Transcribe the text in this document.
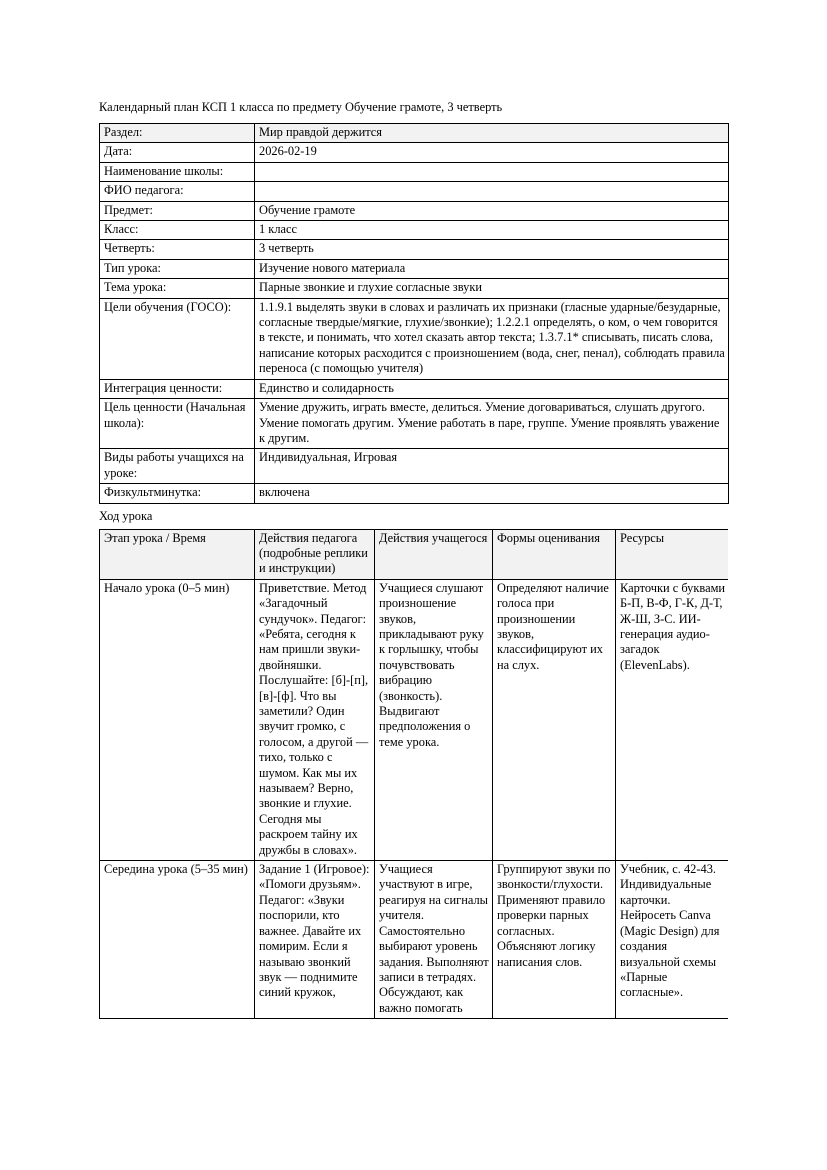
Календарный план КСП 1 класса по предмету Обучение грамоте, 3 четверть

Раздел:	Мир правдой держится
Дата:	2026-02-19
Наименование школы:	
ФИО педагога:	
Предмет:	Обучение грамоте
Класс:	1 класс
Четверть:	3 четверть
Тип урока:	Изучение нового материала
Тема урока:	Парные звонкие и глухие согласные звуки
Цели обучения (ГОСО):	1.1.9.1 выделять звуки в словах и различать их признаки (гласные ударные/безударные, согласные твердые/мягкие, глухие/звонкие); 1.2.2.1 определять, о ком, о чем говорится в тексте, и понимать, что хотел сказать автор текста; 1.3.7.1* списывать, писать слова, написание которых расходится с произношением (вода, снег, пенал), соблюдать правила переноса (с помощью учителя)
Интеграция ценности:	Единство и солидарность
Цель ценности (Начальная школа):	Умение дружить, играть вместе, делиться. Умение договариваться, слушать другого. Умение помогать другим. Умение работать в паре, группе. Умение проявлять уважение к другим.
Виды работы учащихся на уроке:	Индивидуальная, Игровая
Физкультминутка:	включена

Ход урока

Этап урока / Время	Действия педагога (подробные реплики и инструкции)	Действия учащегося	Формы оценивания	Ресурсы
Начало урока (0–5 мин)	Приветствие. Метод «Загадочный сундучок». Педагог: «Ребята, сегодня к нам пришли звуки-двойняшки. Послушайте: [б]-[п], [в]-[ф]. Что вы заметили? Один звучит громко, с голосом, а другой — тихо, только с шумом. Как мы их называем? Верно, звонкие и глухие. Сегодня мы раскроем тайну их дружбы в словах».	Учащиеся слушают произношение звуков, прикладывают руку к горлышку, чтобы почувствовать вибрацию (звонкость). Выдвигают предположения о теме урока.	Определяют наличие голоса при произношении звуков, классифицируют их на слух.	Карточки с буквами Б-П, В-Ф, Г-К, Д-Т, Ж-Ш, З-С. ИИ-генерация аудио-загадок (ElevenLabs).
Середина урока (5–35 мин)	Задание 1 (Игровое): «Помоги друзьям». Педагог: «Звуки поспорили, кто важнее. Давайте их помирим. Если я называю звонкий звук — поднимите синий кружок,	Учащиеся участвуют в игре, реагируя на сигналы учителя. Самостоятельно выбирают уровень задания. Выполняют записи в тетрадях. Обсуждают, как важно помогать	Группируют звуки по звонкости/глухости. Применяют правило проверки парных согласных. Объясняют логику написания слов.	Учебник, с. 42-43. Индивидуальные карточки. Нейросеть Canva (Magic Design) для создания визуальной схемы «Парные согласные».
